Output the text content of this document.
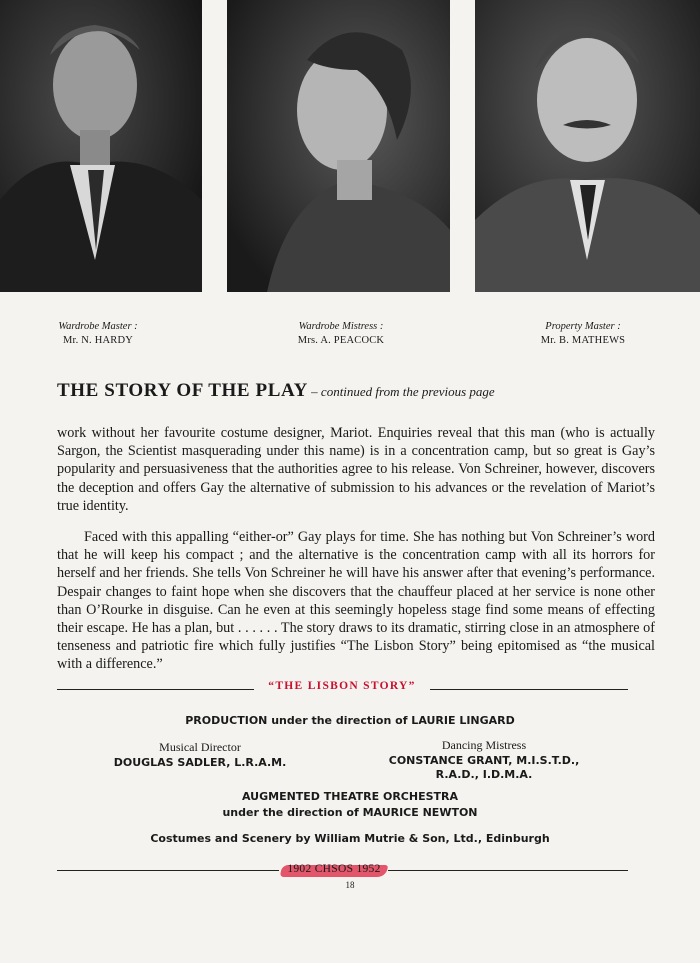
Wardrobe Master :
Mr. N. HARDY
Wardrobe Mistress :
Mrs. A. PEACOCK
Property Master :
Mr. B. MATHEWS
THE STORY OF THE PLAY – continued from the previous page

work without her favourite costume designer, Mariot. Enquiries reveal that this man (who is actually Sargon, the Scientist masquerading under this name) is in a concentration camp, but so great is Gay’s popularity and persuasiveness that the authorities agree to his release. Von Schreiner, however, discovers the deception and offers Gay the alternative of submission to his advances or the revelation of Mariot’s true identity.

Faced with this appalling “either-or” Gay plays for time. She has nothing but Von Schreiner’s word that he will keep his compact ; and the alternative is the concentration camp with all its horrors for herself and her friends. She tells Von Schreiner he will have his answer after that evening’s performance. Despair changes to faint hope when she discovers that the chauffeur placed at her service is none other than O’Rourke in disguise. Can he even at this seemingly hopeless stage find some means of effecting their escape. He has a plan, but . . . . . . The story draws to its dramatic, stirring close in an atmosphere of tenseness and patriotic fire which fully justifies “The Lisbon Story” being epitomised as “the musical with a difference.”

“THE LISBON STORY”
PRODUCTION under the direction of LAURIE LINGARD
Musical Director
DOUGLAS SADLER, L.R.A.M.
Dancing Mistress
CONSTANCE GRANT, M.I.S.T.D.,
R.A.D., I.D.M.A.
AUGMENTED THEATRE ORCHESTRA
under the direction of MAURICE NEWTON
Costumes and Scenery by William Mutrie & Son, Ltd., Edinburgh
1902 CHSOS 1952
18
